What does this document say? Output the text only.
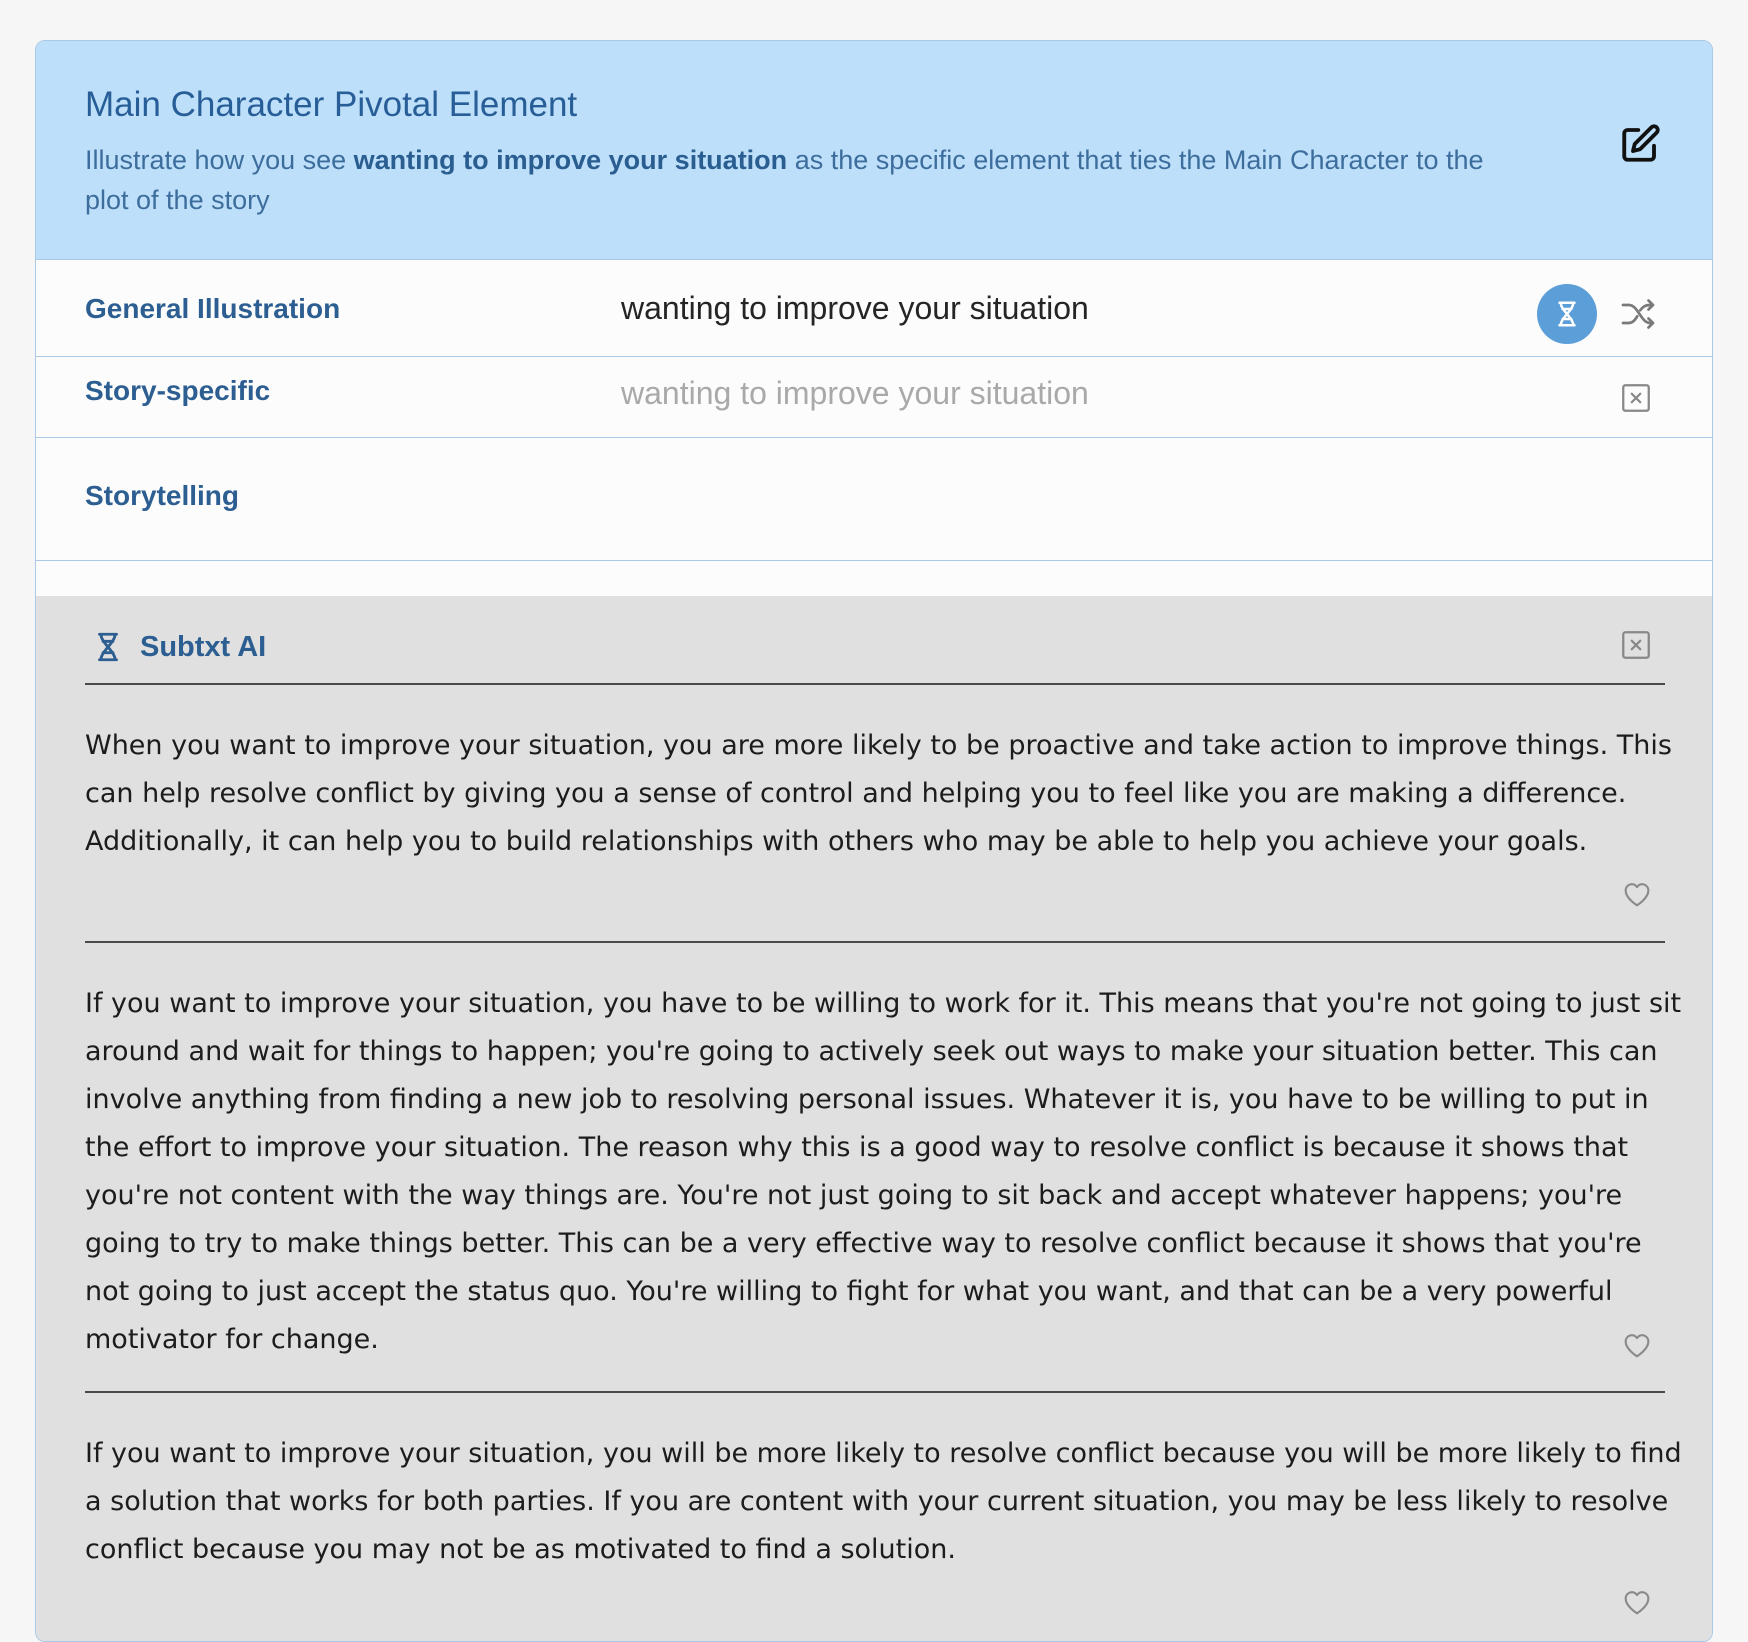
Main Character Pivotal Element
Illustrate how you see wanting to improve your situation as the specific element that ties the Main Character to the plot of the story
General Illustration	wanting to improve your situation
Story-specific
wanting to improve your situation
Storytelling
Subtxt AI
When you want to improve your situation, you are more likely to be proactive and take action to improve things. This can help resolve conflict by giving you a sense of control and helping you to feel like you are making a difference. Additionally, it can help you to build relationships with others who may be able to help you achieve your goals.
If you want to improve your situation, you have to be willing to work for it. This means that you're not going to just sit around and wait for things to happen; you're going to actively seek out ways to make your situation better. This can involve anything from finding a new job to resolving personal issues. Whatever it is, you have to be willing to put in the effort to improve your situation. The reason why this is a good way to resolve conflict is because it shows that you're not content with the way things are. You're not just going to sit back and accept whatever happens; you're going to try to make things better. This can be a very effective way to resolve conflict because it shows that you're not going to just accept the status quo. You're willing to fight for what you want, and that can be a very powerful motivator for change.
If you want to improve your situation, you will be more likely to resolve conflict because you will be more likely to find a solution that works for both parties. If you are content with your current situation, you may be less likely to resolve conflict because you may not be as motivated to find a solution.
